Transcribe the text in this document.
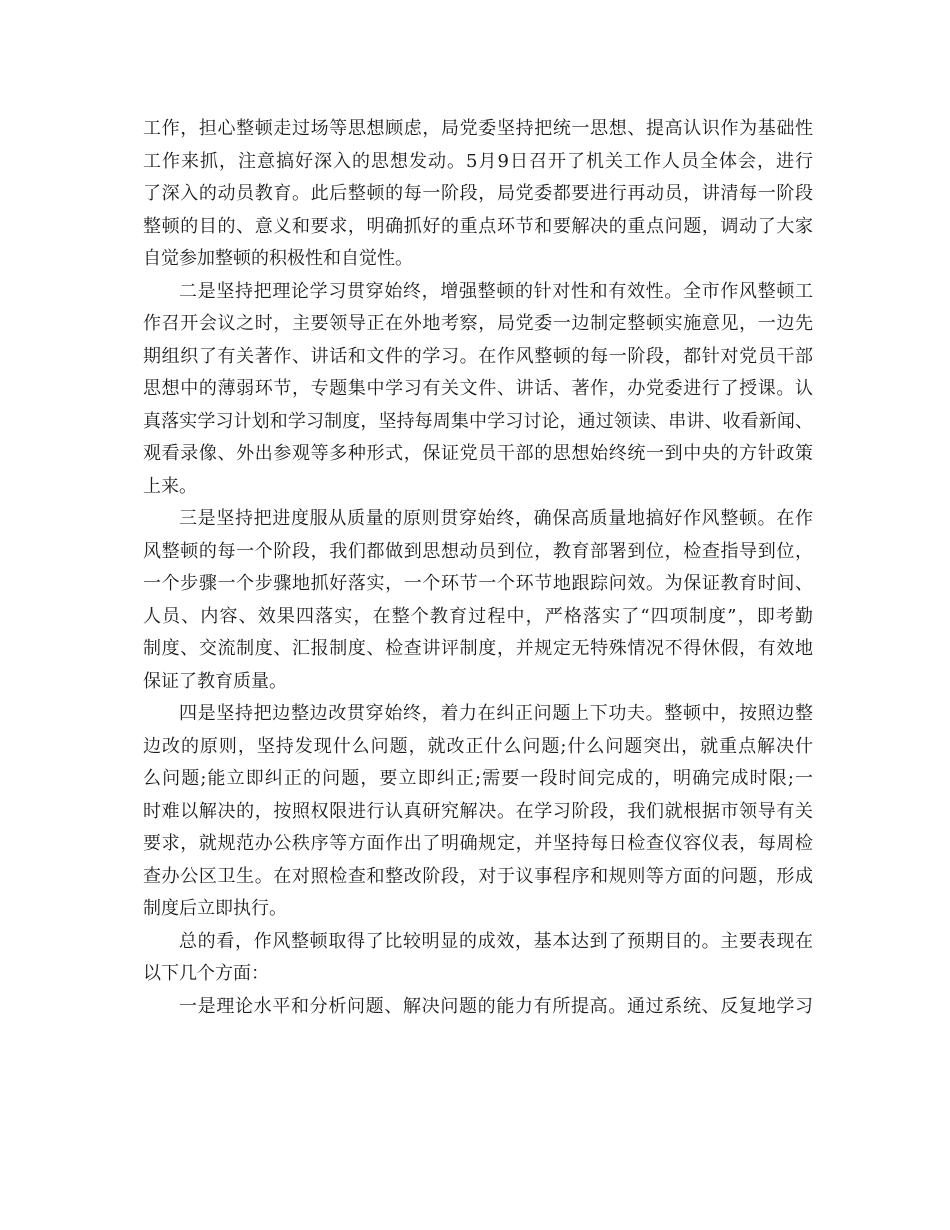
工作，担心整顿走过场等思想顾虑，局党委坚持把统一思想、提高认识作为基础性
工作来抓，注意搞好深入的思想发动。5月9日召开了机关工作人员全体会，进行
了深入的动员教育。此后整顿的每一阶段，局党委都要进行再动员，讲清每一阶段
整顿的目的、意义和要求，明确抓好的重点环节和要解决的重点问题，调动了大家
自觉参加整顿的积极性和自觉性。
二是坚持把理论学习贯穿始终，增强整顿的针对性和有效性。全市作风整顿工
作召开会议之时，主要领导正在外地考察，局党委一边制定整顿实施意见，一边先
期组织了有关著作、讲话和文件的学习。在作风整顿的每一阶段，都针对党员干部
思想中的薄弱环节，专题集中学习有关文件、讲话、著作，办党委进行了授课。认
真落实学习计划和学习制度，坚持每周集中学习讨论，通过领读、串讲、收看新闻、
观看录像、外出参观等多种形式，保证党员干部的思想始终统一到中央的方针政策
上来。
三是坚持把进度服从质量的原则贯穿始终，确保高质量地搞好作风整顿。在作
风整顿的每一个阶段，我们都做到思想动员到位，教育部署到位，检查指导到位，
一个步骤一个步骤地抓好落实，一个环节一个环节地跟踪问效。为保证教育时间、
人员、内容、效果四落实，在整个教育过程中，严格落实了“四项制度”，即考勤
制度、交流制度、汇报制度、检查讲评制度，并规定无特殊情况不得休假，有效地
保证了教育质量。
四是坚持把边整边改贯穿始终，着力在纠正问题上下功夫。整顿中，按照边整
边改的原则，坚持发现什么问题，就改正什么问题;什么问题突出，就重点解决什
么问题;能立即纠正的问题，要立即纠正;需要一段时间完成的，明确完成时限;一
时难以解决的，按照权限进行认真研究解决。在学习阶段，我们就根据市领导有关
要求，就规范办公秩序等方面作出了明确规定，并坚持每日检查仪容仪表，每周检
查办公区卫生。在对照检查和整改阶段，对于议事程序和规则等方面的问题，形成
制度后立即执行。
总的看，作风整顿取得了比较明显的成效，基本达到了预期目的。主要表现在
以下几个方面：
一是理论水平和分析问题、解决问题的能力有所提高。通过系统、反复地学习
